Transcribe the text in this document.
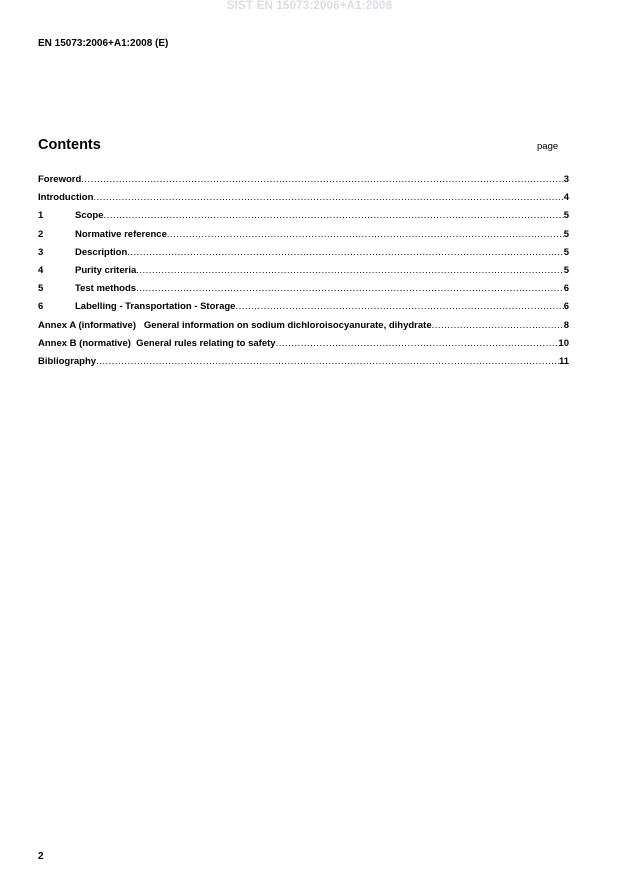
SIST EN 15073:2006+A1:2008
EN 15073:2006+A1:2008 (E)
Contents	page
Foreword .....	3
Introduction .....	4
1	Scope .....	5
2	Normative reference .....	5
3	Description .....	5
4	Purity criteria .....	5
5	Test methods .....	6
6	Labelling - Transportation - Storage .....	6
Annex A (informative)   General information on sodium dichloroisocyanurate, dihydrate .....	8
Annex B (normative)  General rules relating to safety .....	10
Bibliography .....	11
2
